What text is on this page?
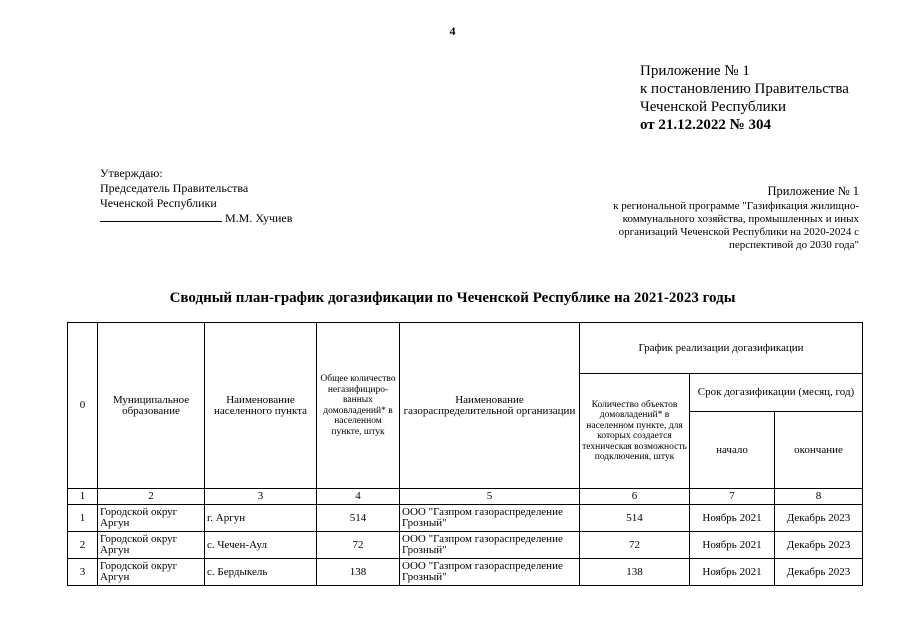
4
Приложение № 1
к постановлению Правительства
Чеченской Республики
от 21.12.2022 № 304
Утверждаю:
Председатель Правительства
Чеченской Республики
М.М. Хучиев
Приложение № 1
к региональной программе "Газификация жилищно-
коммунального хозяйства, промышленных и иных
организаций Чеченской Республики на 2020-2024 с
перспективой до 2030 года"
Сводный план-график догазификации по Чеченской Республике на 2021-2023 годы
0	Муниципальное образование	Наименование населенного пункта	Общее количество негазифициро-ванных домовладений* в населенном пункте, штук	Наименование газораспределительной организации	График реализации догазификации		
					Количество объектов домовладений* в населенном пункте, для которых создается техническая возможность подключения, штук	Срок догазификации (месяц, год)	
						начало	окончание
1	2	3	4	5	6	7	8
1	Городской округ Аргун	г. Аргун	514	ООО "Газпром газораспределение Грозный"	514	Ноябрь 2021	Декабрь 2023
2	Городской округ Аргун	с. Чечен-Аул	72	ООО "Газпром газораспределение Грозный"	72	Ноябрь 2021	Декабрь 2023
3	Городской округ Аргун	с. Бердыкель	138	ООО "Газпром газораспределение Грозный"	138	Ноябрь 2021	Декабрь 2023
